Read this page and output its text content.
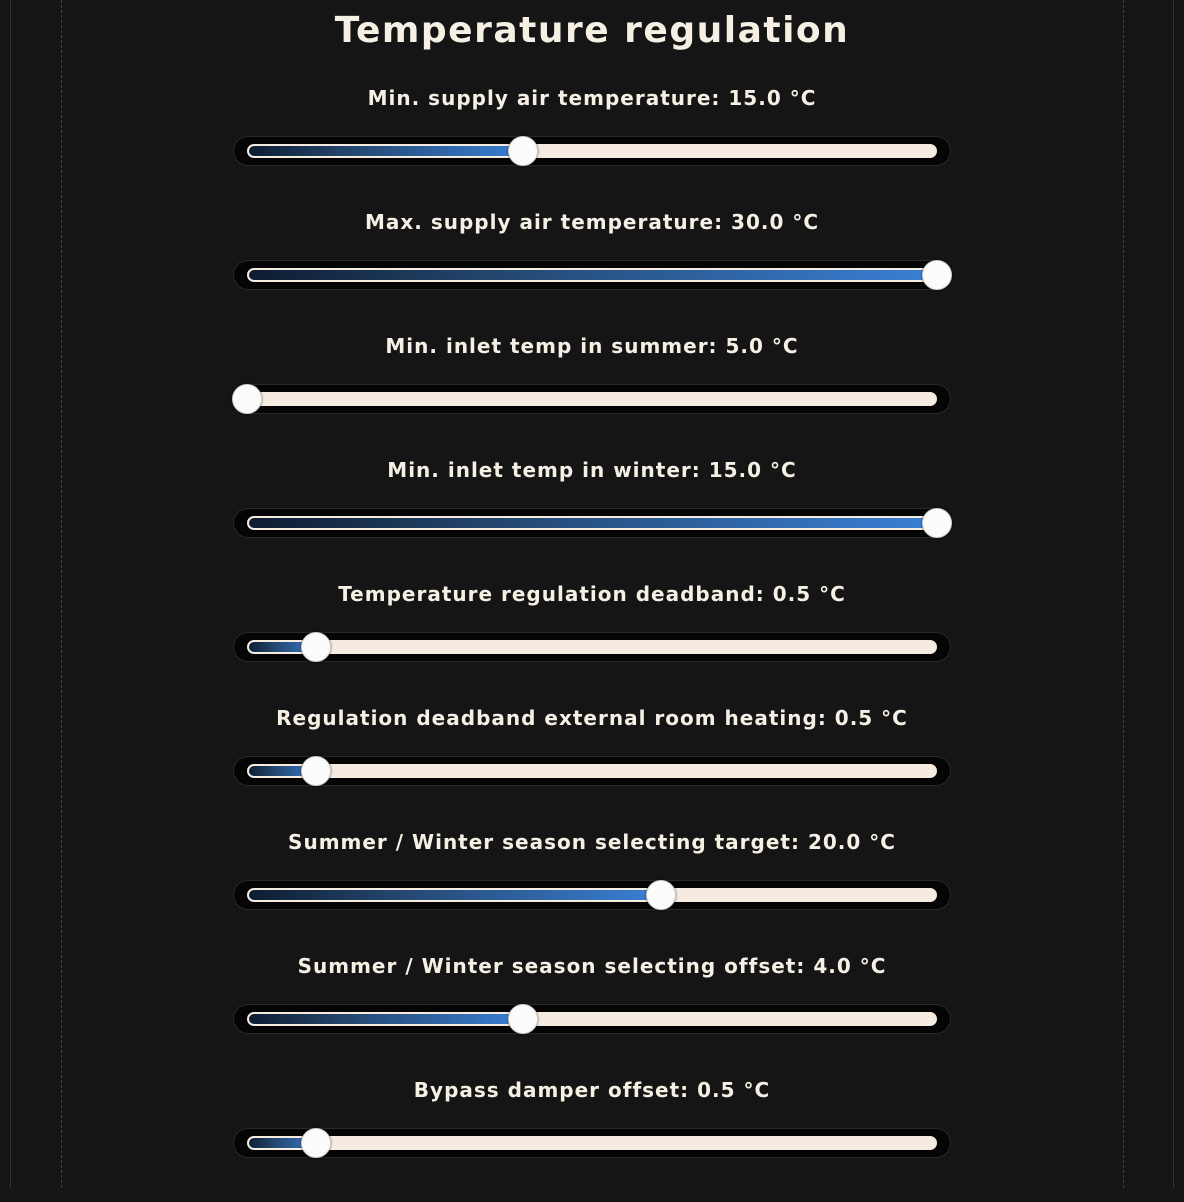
Temperature regulation
Min. supply air temperature: 15.0 °C
Max. supply air temperature: 30.0 °C
Min. inlet temp in summer: 5.0 °C
Min. inlet temp in winter: 15.0 °C
Temperature regulation deadband: 0.5 °C
Regulation deadband external room heating: 0.5 °C
Summer / Winter season selecting target: 20.0 °C
Summer / Winter season selecting offset: 4.0 °C
Bypass damper offset: 0.5 °C
